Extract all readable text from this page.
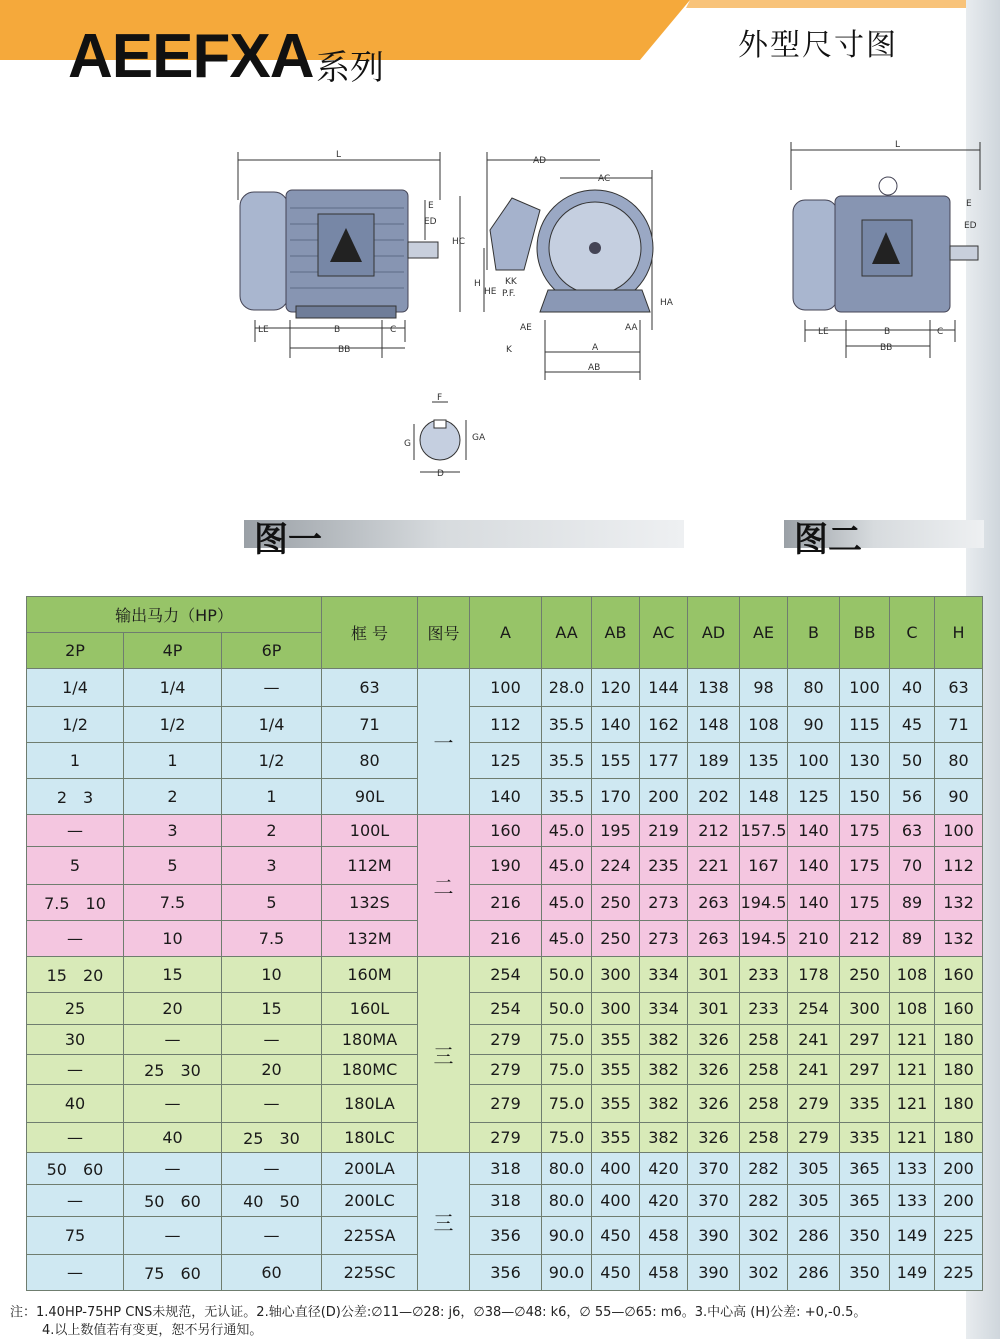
AEEFXA 系列
外型尺寸图
L
E
ED
LE	B	C
BB
AD
AC
HC
H
HE
KK
P.F.
HA
AE	AA
K	A
AB
L
E
ED
LE	B	C
BB
F
G
GA
D
图一	图二
输出马力（HP）			框 号	图号	A	AA	AB	AC	AD	AE	B	BB	C	H
2P	4P	6P												
1/4	1/4	—	63	一	100	28.0	120	144	138	98	80	100	40	63
1/2	1/2	1/4	71		112	35.5	140	162	148	108	90	115	45	71
1	1	1/2	80		125	35.5	155	177	189	135	100	130	50	80
2　3	2	1	90L		140	35.5	170	200	202	148	125	150	56	90
—	3	2	100L	二	160	45.0	195	219	212	157.5	140	175	63	100
5	5	3	112M		190	45.0	224	235	221	167	140	175	70	112
7.5　10	7.5	5	132S		216	45.0	250	273	263	194.5	140	175	89	132
—	10	7.5	132M		216	45.0	250	273	263	194.5	210	212	89	132
15　20	15	10	160M	三	254	50.0	300	334	301	233	178	250	108	160
25	20	15	160L		254	50.0	300	334	301	233	254	300	108	160
30	—	—	180MA		279	75.0	355	382	326	258	241	297	121	180
—	25　30	20	180MC		279	75.0	355	382	326	258	241	297	121	180
40	—	—	180LA		279	75.0	355	382	326	258	279	335	121	180
—	40	25　30	180LC		279	75.0	355	382	326	258	279	335	121	180
50　60	—	—	200LA	三	318	80.0	400	420	370	282	305	365	133	200
—	50　60	40　50	200LC		318	80.0	400	420	370	282	305	365	133	200
75	—	—	225SA		356	90.0	450	458	390	302	286	350	149	225
—	75　60	60	225SC		356	90.0	450	458	390	302	286	350	149	225
注：1.40HP-75HP CNS未规范，无认证。2.轴心直径(D)公差:∅11—∅28: j6，∅38—∅48: k6，∅ 55—∅65: m6。3.中心高 (H)公差: +0,-0.5。
4.以上数值若有变更，恕不另行通知。
